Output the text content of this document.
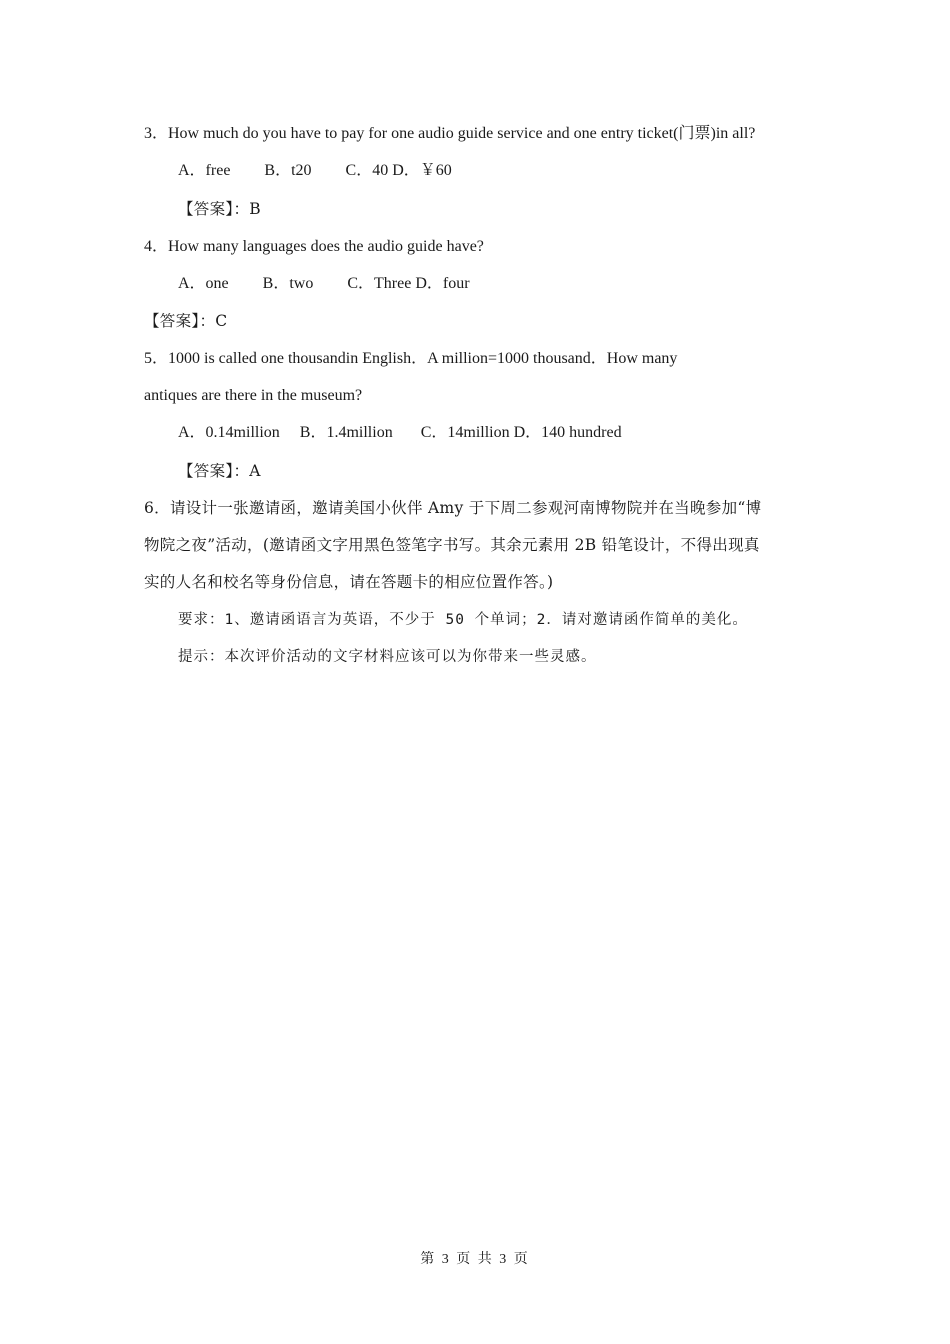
3．How much do you have to pay for one audio guide service and one entry ticket(门票)in all?
A．free B．t20 C．40 D．￥60
【答案】：B
4．How many languages does the audio guide have?
A．one B．two C．Three D．four
【答案】：C
5．1000 is called one thousandin English．A million=1000 thousand．How many
antiques are there in the museum?
A．0.14million B．1.4million C．14million D．140 hundred
【答案】：A
6．请设计一张邀请函，邀请美国小伙伴 Amy 于下周二参观河南博物院并在当晚参加“博
物院之夜”活动，(邀请函文字用黑色签笔字书写。其余元素用 2B 铅笔设计，不得出现真
实的人名和校名等身份信息，请在答题卡的相应位置作答。)
要求：1、邀请函语言为英语，不少于 50 个单词；2．请对邀请函作简单的美化。
提示：本次评价活动的文字材料应该可以为你带来一些灵感。
第 3 页 共 3 页
